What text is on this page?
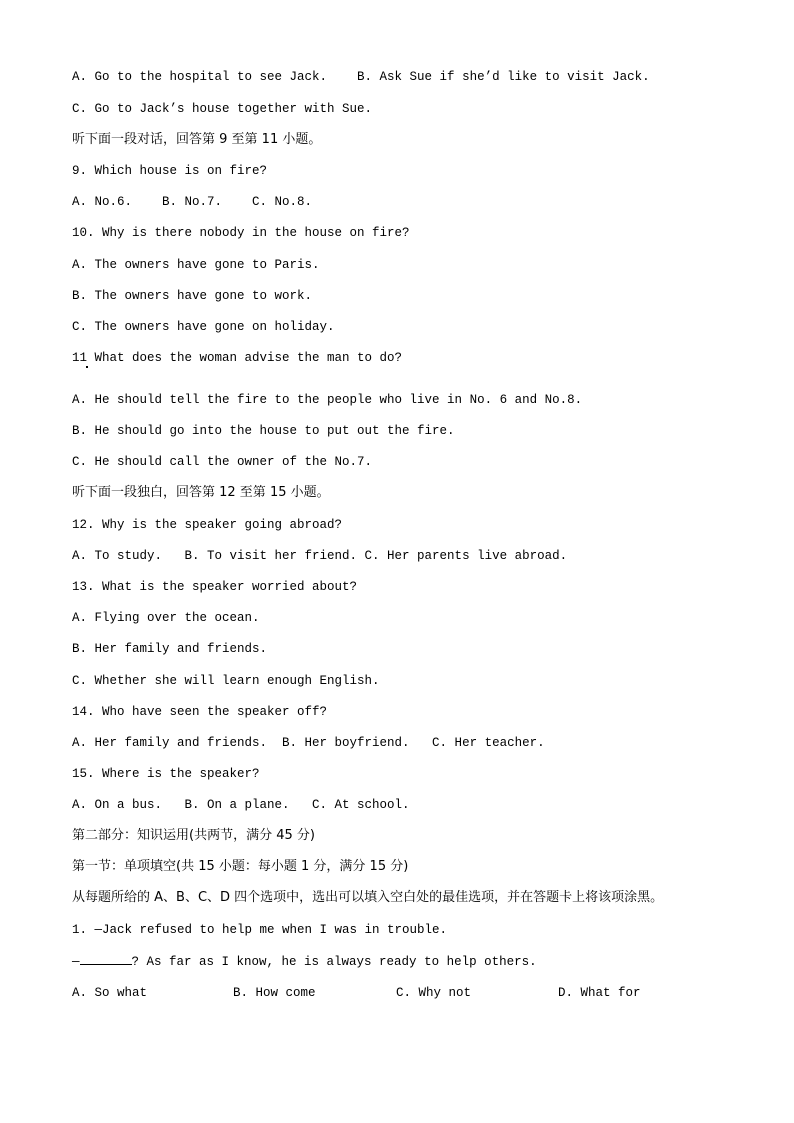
A. Go to the hospital to see Jack.    B. Ask Sue if she’d like to visit Jack.
C. Go to Jack’s house together with Sue.
听下面一段对话，回答第 9 至第 11 小题。
9. Which house is on fire?
A. No.6.    B. No.7.    C. No.8.
10. Why is there nobody in the house on fire?
A. The owners have gone to Paris.
B. The owners have gone to work.
C. The owners have gone on holiday.
11 What does the woman advise the man to do?
A. He should tell the fire to the people who live in No. 6 and No.8.
B. He should go into the house to put out the fire.
C. He should call the owner of the No.7.
听下面一段独白，回答第 12 至第 15 小题。
12. Why is the speaker going abroad?
A. To study.   B. To visit her friend. C. Her parents live abroad.
13. What is the speaker worried about?
A. Flying over the ocean.
B. Her family and friends.
C. Whether she will learn enough English.
14. Who have seen the speaker off?
A. Her family and friends.  B. Her boyfriend.   C. Her teacher.
15. Where is the speaker?
A. On a bus.   B. On a plane.   C. At school.
第二部分：知识运用(共两节，满分 45 分)
第一节：单项填空(共 15 小题：每小题 1 分，满分 15 分)
从每题所给的 A、B、C、D 四个选项中，选出可以填入空白处的最佳选项，并在答题卡上将该项涂黑。
1. —Jack refused to help me when I was in trouble.
—	? As far as I know, he is always ready to help others.

A. So what

	B. How come

	C. Why not

	D. What for
